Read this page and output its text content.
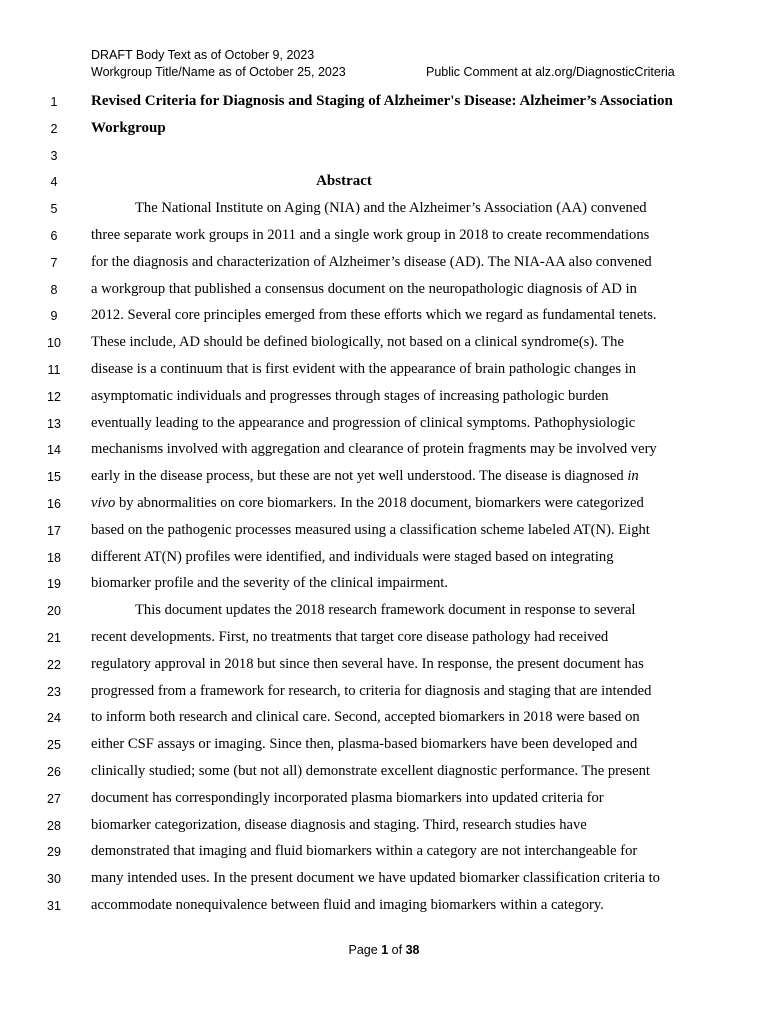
DRAFT Body Text as of October 9, 2023
Workgroup Title/Name as of October 25, 2023	Public Comment at alz.org/DiagnosticCriteria
1	Revised Criteria for Diagnosis and Staging of Alzheimer's Disease: Alzheimer’s Association
2	Workgroup
3
4	Abstract
5	The National Institute on Aging (NIA) and the Alzheimer’s Association (AA) convened
6	three separate work groups in 2011 and a single work group in 2018 to create recommendations
7	for the diagnosis and characterization of Alzheimer’s disease (AD). The NIA-AA also convened
8	a workgroup that published a consensus document on the neuropathologic diagnosis of AD in
9	2012. Several core principles emerged from these efforts which we regard as fundamental tenets.
10	These include, AD should be defined biologically, not based on a clinical syndrome(s). The
11	disease is a continuum that is first evident with the appearance of brain pathologic changes in
12	asymptomatic individuals and progresses through stages of increasing pathologic burden
13	eventually leading to the appearance and progression of clinical symptoms. Pathophysiologic
14	mechanisms involved with aggregation and clearance of protein fragments may be involved very
15	early in the disease process, but these are not yet well understood. The disease is diagnosed in
16	vivo by abnormalities on core biomarkers. In the 2018 document, biomarkers were categorized
17	based on the pathogenic processes measured using a classification scheme labeled AT(N). Eight
18	different AT(N) profiles were identified, and individuals were staged based on integrating
19	biomarker profile and the severity of the clinical impairment.
20	This document updates the 2018 research framework document in response to several
21	recent developments. First, no treatments that target core disease pathology had received
22	regulatory approval in 2018 but since then several have. In response, the present document has
23	progressed from a framework for research, to criteria for diagnosis and staging that are intended
24	to inform both research and clinical care. Second, accepted biomarkers in 2018 were based on
25	either CSF assays or imaging. Since then, plasma-based biomarkers have been developed and
26	clinically studied; some (but not all) demonstrate excellent diagnostic performance. The present
27	document has correspondingly incorporated plasma biomarkers into updated criteria for
28	biomarker categorization, disease diagnosis and staging. Third, research studies have
29	demonstrated that imaging and fluid biomarkers within a category are not interchangeable for
30	many intended uses. In the present document we have updated biomarker classification criteria to
31	accommodate nonequivalence between fluid and imaging biomarkers within a category.
Page 1 of 38
